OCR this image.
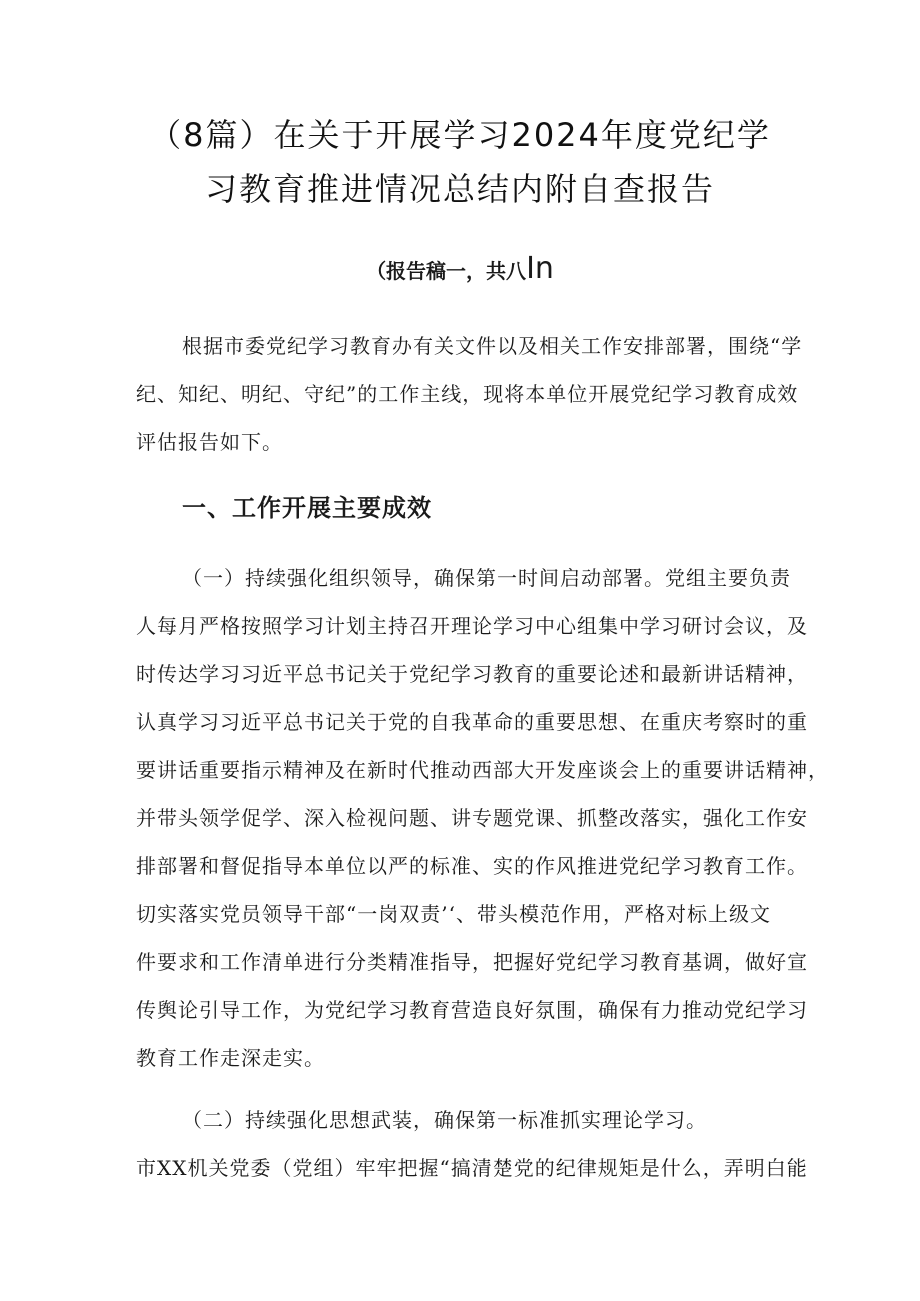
（8篇）在关于开展学习2024年度党纪学
习教育推进情况总结内附自查报告
（报告稿一，共八In
根据市委党纪学习教育办有关文件以及相关工作安排部署，围绕“学
纪、知纪、明纪、守纪”的工作主线，现将本单位开展党纪学习教育成效
评估报告如下。
一、工作开展主要成效
（一）持续强化组织领导，确保第一时间启动部署。党组主要负责
人每月严格按照学习计划主持召开理论学习中心组集中学习研讨会议，及
时传达学习习近平总书记关于党纪学习教育的重要论述和最新讲话精神，
认真学习习近平总书记关于党的自我革命的重要思想、在重庆考察时的重
要讲话重要指示精神及在新时代推动西部大开发座谈会上的重要讲话精神，
并带头领学促学、深入检视问题、讲专题党课、抓整改落实，强化工作安
排部署和督促指导本单位以严的标准、实的作风推进党纪学习教育工作。
切实落实党员领导干部“一岗双责’‘、带头模范作用，严格对标上级文
件要求和工作清单进行分类精准指导，把握好党纪学习教育基调，做好宣
传舆论引导工作，为党纪学习教育营造良好氛围，确保有力推动党纪学习
教育工作走深走实。
（二）持续强化思想武装，确保第一标准抓实理论学习。
市XX机关党委（党组）牢牢把握“搞清楚党的纪律规矩是什么，弄明白能
